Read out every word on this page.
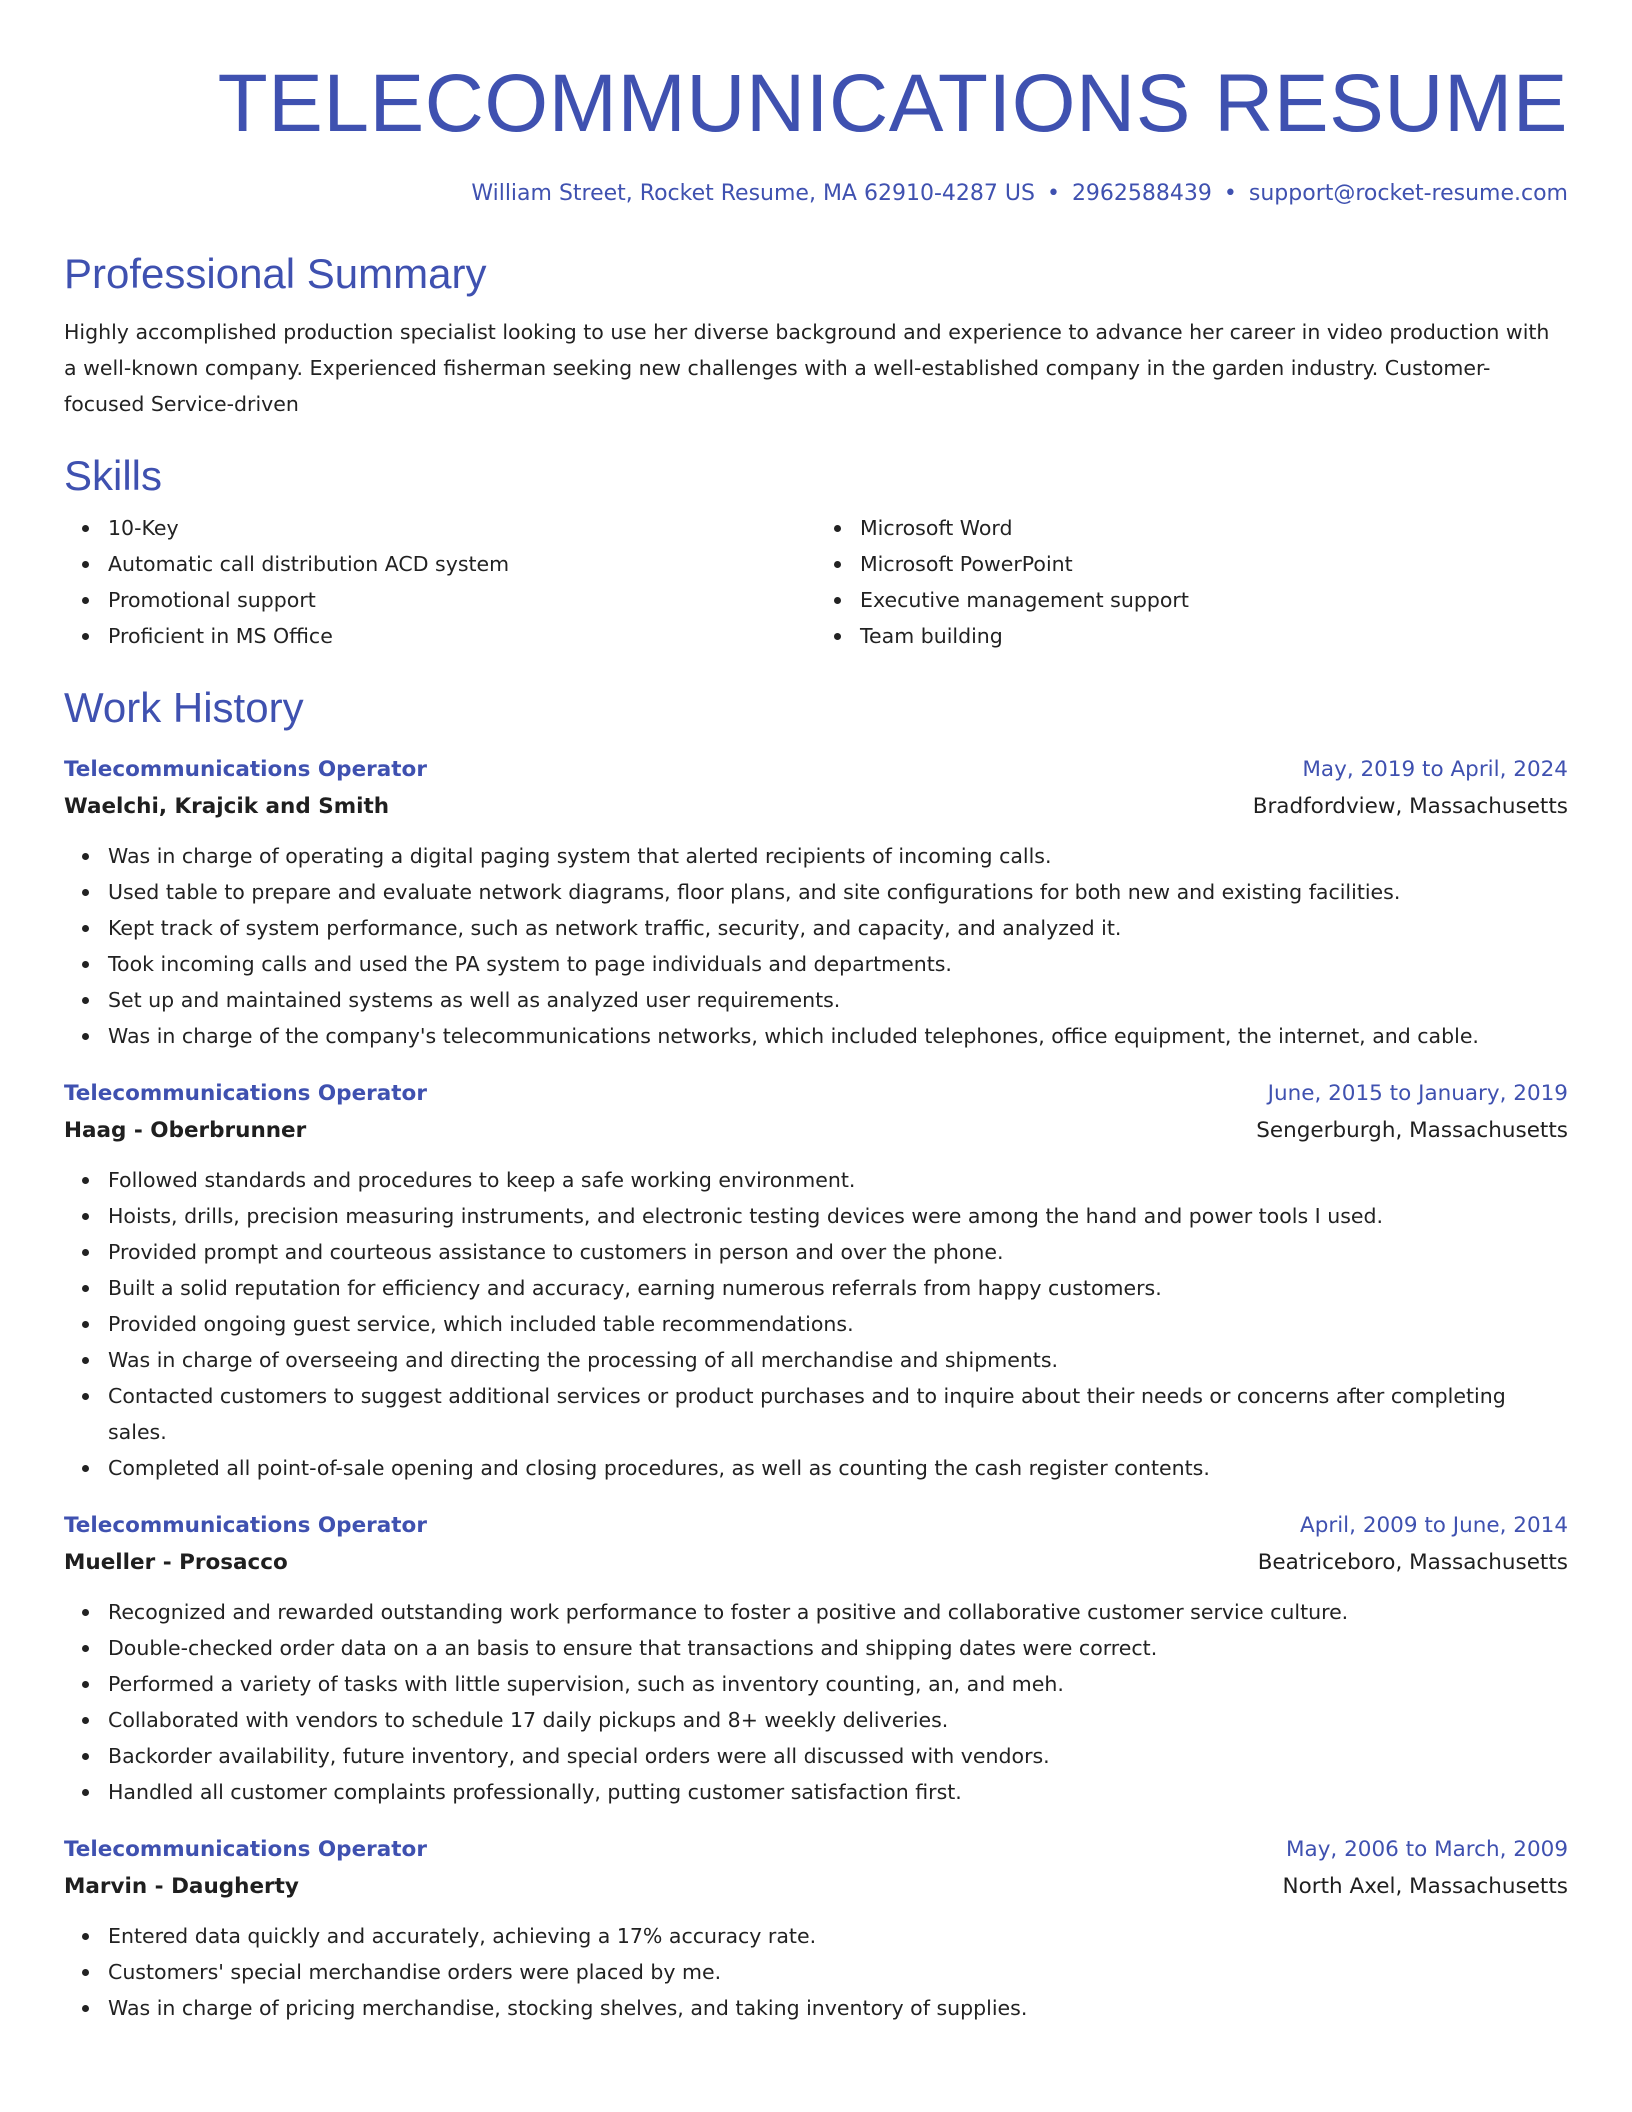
TELECOMMUNICATIONS RESUME
William Street, Rocket Resume, MA 62910-4287 US • 2962588439 • support@rocket-resume.com
Professional Summary
Highly accomplished production specialist looking to use her diverse background and experience to advance her career in video production with a well-known company. Experienced fisherman seeking new challenges with a well-established company in the garden industry. Customer-focused Service-driven
Skills
10-Key
Automatic call distribution ACD system
Promotional support
Proficient in MS Office
Microsoft Word
Microsoft PowerPoint
Executive management support
Team building
Work History
Telecommunications Operator	May, 2019 to April, 2024
Waelchi, Krajcik and Smith	Bradfordview, Massachusetts
Was in charge of operating a digital paging system that alerted recipients of incoming calls.
Used table to prepare and evaluate network diagrams, floor plans, and site configurations for both new and existing facilities.
Kept track of system performance, such as network traffic, security, and capacity, and analyzed it.
Took incoming calls and used the PA system to page individuals and departments.
Set up and maintained systems as well as analyzed user requirements.
Was in charge of the company's telecommunications networks, which included telephones, office equipment, the internet, and cable.
Telecommunications Operator	June, 2015 to January, 2019
Haag - Oberbrunner	Sengerburgh, Massachusetts
Followed standards and procedures to keep a safe working environment.
Hoists, drills, precision measuring instruments, and electronic testing devices were among the hand and power tools I used.
Provided prompt and courteous assistance to customers in person and over the phone.
Built a solid reputation for efficiency and accuracy, earning numerous referrals from happy customers.
Provided ongoing guest service, which included table recommendations.
Was in charge of overseeing and directing the processing of all merchandise and shipments.
Contacted customers to suggest additional services or product purchases and to inquire about their needs or concerns after completing sales.
Completed all point-of-sale opening and closing procedures, as well as counting the cash register contents.
Telecommunications Operator	April, 2009 to June, 2014
Mueller - Prosacco	Beatriceboro, Massachusetts
Recognized and rewarded outstanding work performance to foster a positive and collaborative customer service culture.
Double-checked order data on a an basis to ensure that transactions and shipping dates were correct.
Performed a variety of tasks with little supervision, such as inventory counting, an, and meh.
Collaborated with vendors to schedule 17 daily pickups and 8+ weekly deliveries.
Backorder availability, future inventory, and special orders were all discussed with vendors.
Handled all customer complaints professionally, putting customer satisfaction first.
Telecommunications Operator	May, 2006 to March, 2009
Marvin - Daugherty	North Axel, Massachusetts
Entered data quickly and accurately, achieving a 17% accuracy rate.
Customers' special merchandise orders were placed by me.
Was in charge of pricing merchandise, stocking shelves, and taking inventory of supplies.
